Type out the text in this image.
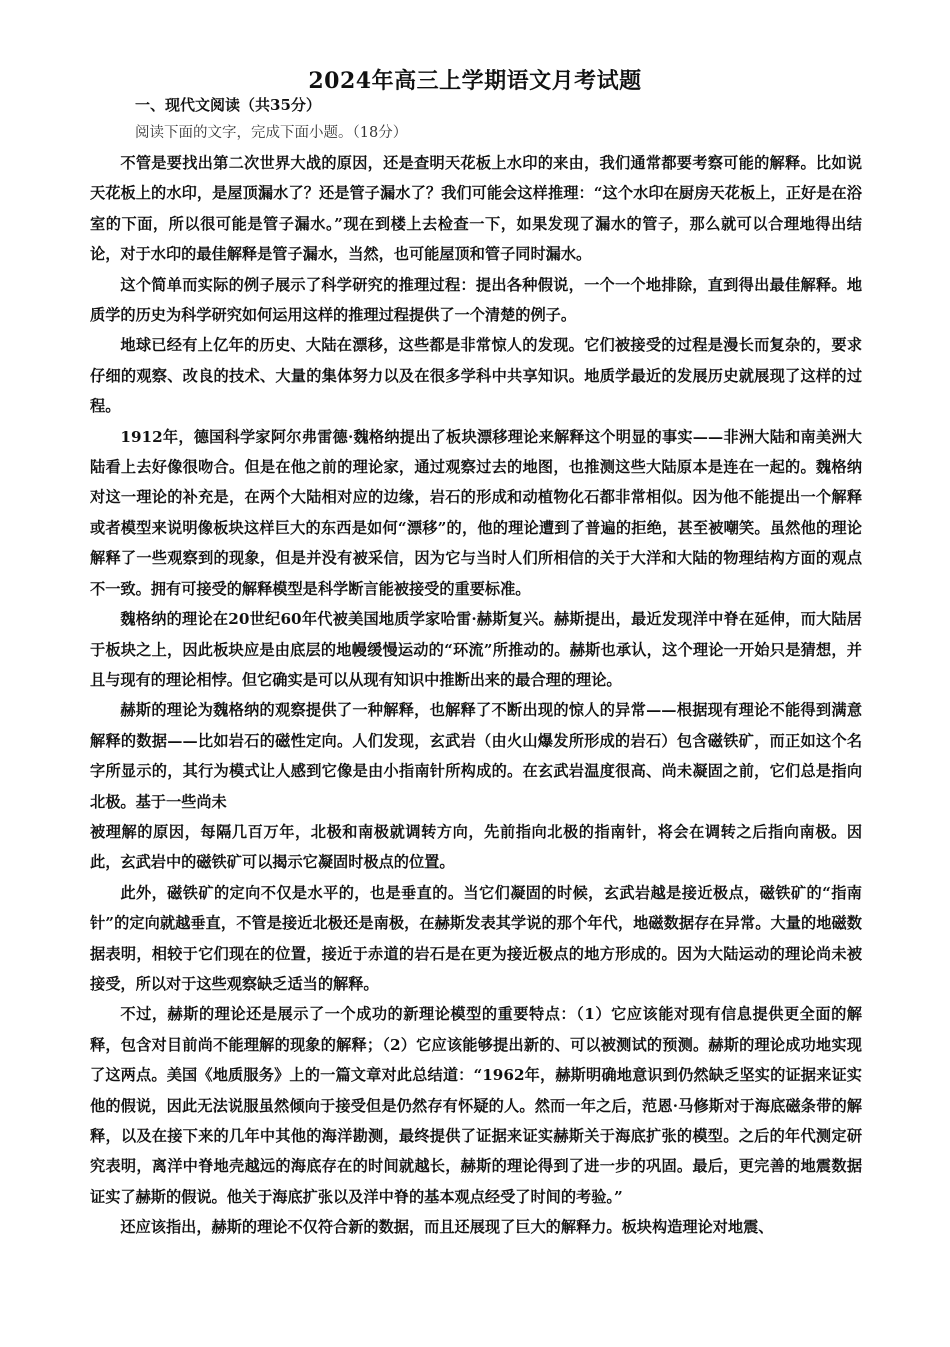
2024年高三上学期语文月考试题
一、现代文阅读（共35分）
阅读下面的文字，完成下面小题。（18分）

不管是要找出第二次世界大战的原因，还是查明天花板上水印的来由，我们通常都要考察可能的解释。比如说天花板上的水印，是屋顶漏水了？还是管子漏水了？我们可能会这样推理：“这个水印在厨房天花板上，正好是在浴室的下面，所以很可能是管子漏水。”现在到楼上去检查一下，如果发现了漏水的管子，那么就可以合理地得出结论，对于水印的最佳解释是管子漏水，当然，也可能屋顶和管子同时漏水。

这个简单而实际的例子展示了科学研究的推理过程：提出各种假说，一个一个地排除，直到得出最佳解释。地质学的历史为科学研究如何运用这样的推理过程提供了一个清楚的例子。

地球已经有上亿年的历史、大陆在漂移，这些都是非常惊人的发现。它们被接受的过程是漫长而复杂的，要求仔细的观察、改良的技术、大量的集体努力以及在很多学科中共享知识。地质学最近的发展历史就展现了这样的过程。

1912年，德国科学家阿尔弗雷德·魏格纳提出了板块漂移理论来解释这个明显的事实——非洲大陆和南美洲大陆看上去好像很吻合。但是在他之前的理论家，通过观察过去的地图，也推测这些大陆原本是连在一起的。魏格纳对这一理论的补充是，在两个大陆相对应的边缘，岩石的形成和动植物化石都非常相似。因为他不能提出一个解释或者模型来说明像板块这样巨大的东西是如何“漂移”的，他的理论遭到了普遍的拒绝，甚至被嘲笑。虽然他的理论解释了一些观察到的现象，但是并没有被采信，因为它与当时人们所相信的关于大洋和大陆的物理结构方面的观点不一致。拥有可接受的解释模型是科学断言能被接受的重要标准。

魏格纳的理论在20世纪60年代被美国地质学家哈雷·赫斯复兴。赫斯提出，最近发现洋中脊在延伸，而大陆居于板块之上，因此板块应是由底层的地幔缓慢运动的“环流”所推动的。赫斯也承认，这个理论一开始只是猜想，并且与现有的理论相悖。但它确实是可以从现有知识中推断出来的最合理的理论。

赫斯的理论为魏格纳的观察提供了一种解释，也解释了不断出现的惊人的异常——根据现有理论不能得到满意解释的数据——比如岩石的磁性定向。人们发现，玄武岩（由火山爆发所形成的岩石）包含磁铁矿，而正如这个名字所显示的，其行为模式让人感到它像是由小指南针所构成的。在玄武岩温度很高、尚未凝固之前，它们总是指向北极。基于一些尚未

被理解的原因，每隔几百万年，北极和南极就调转方向，先前指向北极的指南针，将会在调转之后指向南极。因此，玄武岩中的磁铁矿可以揭示它凝固时极点的位置。

此外，磁铁矿的定向不仅是水平的，也是垂直的。当它们凝固的时候，玄武岩越是接近极点，磁铁矿的“指南针”的定向就越垂直，不管是接近北极还是南极，在赫斯发表其学说的那个年代，地磁数据存在异常。大量的地磁数据表明，相较于它们现在的位置，接近于赤道的岩石是在更为接近极点的地方形成的。因为大陆运动的理论尚未被接受，所以对于这些观察缺乏适当的解释。

不过，赫斯的理论还是展示了一个成功的新理论模型的重要特点：（1）它应该能对现有信息提供更全面的解释，包含对目前尚不能理解的现象的解释；（2）它应该能够提出新的、可以被测试的预测。赫斯的理论成功地实现了这两点。美国《地质服务》上的一篇文章对此总结道：“1962年，赫斯明确地意识到仍然缺乏坚实的证据来证实他的假说，因此无法说服虽然倾向于接受但是仍然存有怀疑的人。然而一年之后，范恩·马修斯对于海底磁条带的解释，以及在接下来的几年中其他的海洋勘测，最终提供了证据来证实赫斯关于海底扩张的模型。之后的年代测定研究表明，离洋中脊地壳越远的海底存在的时间就越长，赫斯的理论得到了进一步的巩固。最后，更完善的地震数据证实了赫斯的假说。他关于海底扩张以及洋中脊的基本观点经受了时间的考验。”

还应该指出，赫斯的理论不仅符合新的数据，而且还展现了巨大的解释力。板块构造理论对地震、
